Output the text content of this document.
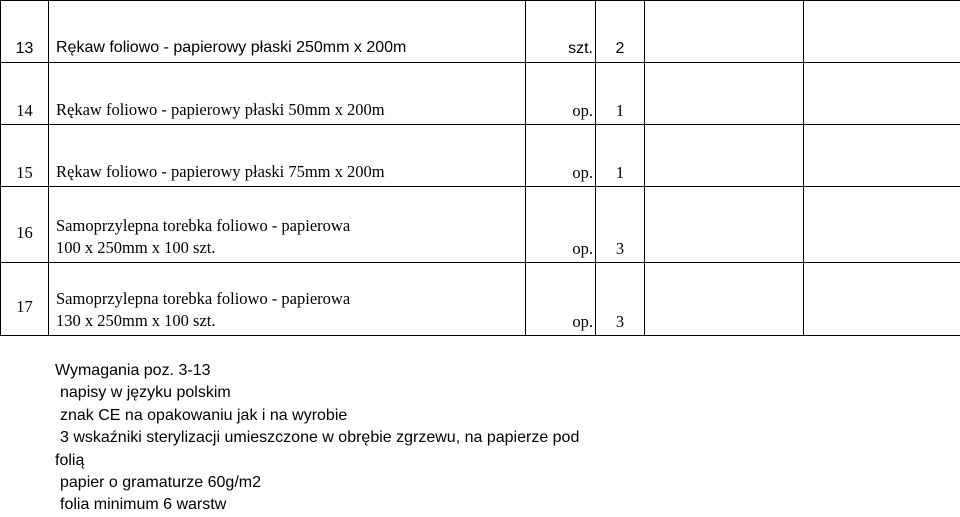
13	Rękaw foliowo - papierowy płaski 250mm x 200m	szt.	2		
14	Rękaw foliowo - papierowy płaski 50mm x 200m	op.	1		
15	Rękaw foliowo - papierowy płaski 75mm x 200m	op.	1		
16	Samoprzylepna torebka foliowo - papierowa
100 x 250mm x 100 szt.	op.	3		
17	Samoprzylepna torebka foliowo - papierowa
130 x 250mm x 100 szt.	op.	3		
Wymagania poz. 3-13
napisy w języku polskim
znak CE na opakowaniu jak i na wyrobie
3 wskaźniki sterylizacji umieszczone w obrębie zgrzewu, na papierze pod
folią
papier o gramaturze 60g/m2
folia minimum 6 warstw
